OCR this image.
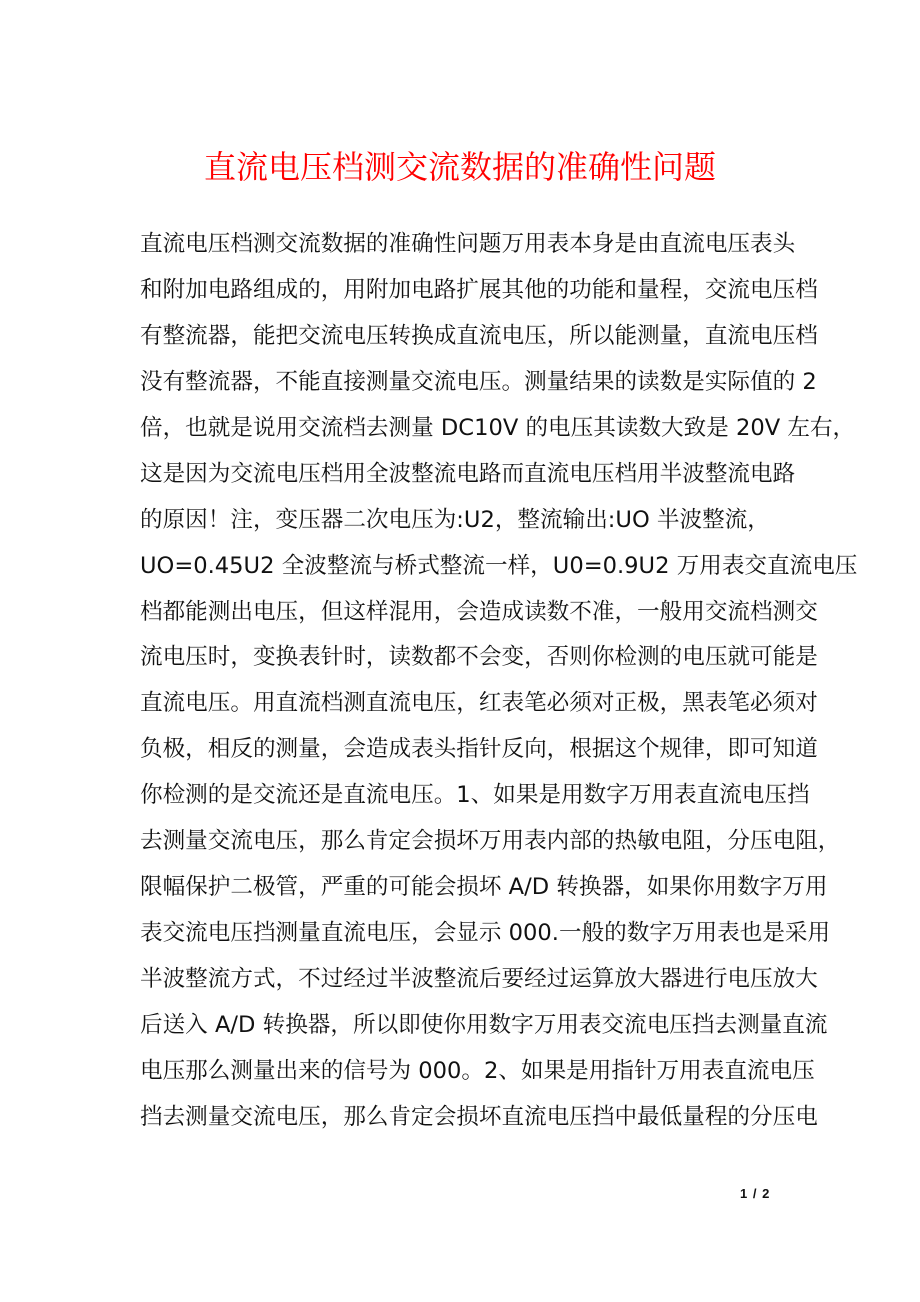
直流电压档测交流数据的准确性问题
直流电压档测交流数据的准确性问题万用表本身是由直流电压表头
和附加电路组成的，用附加电路扩展其他的功能和量程，交流电压档
有整流器，能把交流电压转换成直流电压，所以能测量，直流电压档
没有整流器，不能直接测量交流电压。测量结果的读数是实际值的 2
倍，也就是说用交流档去测量 DC10V 的电压其读数大致是 20V 左右，
这是因为交流电压档用全波整流电路而直流电压档用半波整流电路
的原因！注，变压器二次电压为:U2，整流输出:UO 半波整流，
UO=0.45U2 全波整流与桥式整流一样，U0=0.9U2 万用表交直流电压
档都能测出电压，但这样混用，会造成读数不准，一般用交流档测交
流电压时，变换表针时，读数都不会变，否则你检测的电压就可能是
直流电压。用直流档测直流电压，红表笔必须对正极，黑表笔必须对
负极，相反的测量，会造成表头指针反向，根据这个规律，即可知道
你检测的是交流还是直流电压。1、如果是用数字万用表直流电压挡
去测量交流电压，那么肯定会损坏万用表内部的热敏电阻，分压电阻，
限幅保护二极管，严重的可能会损坏 A/D 转换器，如果你用数字万用
表交流电压挡测量直流电压，会显示 000.一般的数字万用表也是采用
半波整流方式，不过经过半波整流后要经过运算放大器进行电压放大
后送入 A/D 转换器，所以即使你用数字万用表交流电压挡去测量直流
电压那么测量出来的信号为 000。2、如果是用指针万用表直流电压
挡去测量交流电压，那么肯定会损坏直流电压挡中最低量程的分压电
1 / 2
